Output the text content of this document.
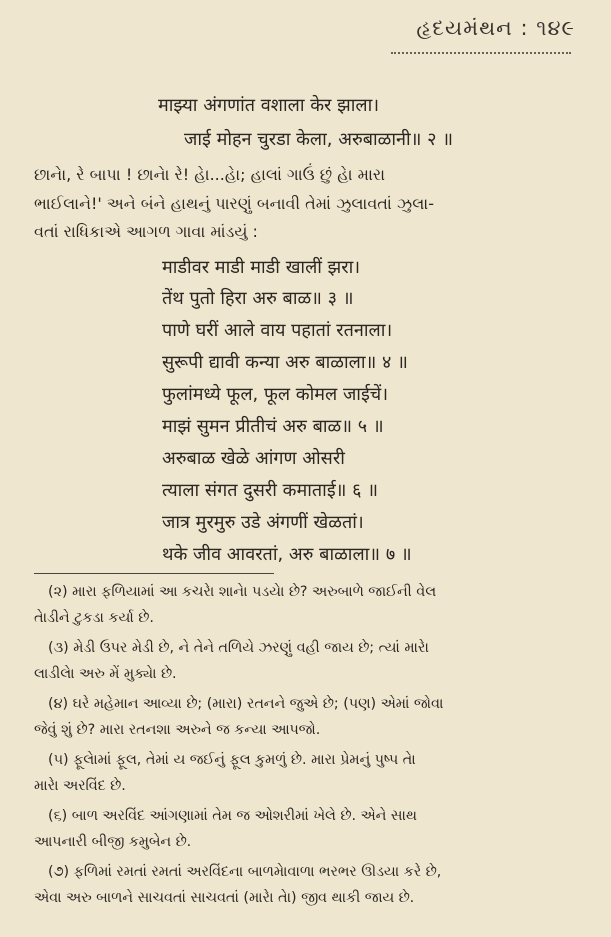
હૃદયમંથન : ૧૪૯
माझ्या अंगणांत वशाला केर झाला।
जाई मोहन चुरडा केला, अरुबाळानी॥ २ ॥
છાનેા, રે બાપા ! છાનેા રે! હાે...હાે; હાલાં ગાઉં છું હાે મારા
ભાઈલાને!' અને બંને હાથનું પારણું બનાવી તેમાં ઝુલાવતાં ઝુલા-
વતાં રાધિકાએ આગળ ગાવા માંડયું :
माडीवर माडी माडी खालीं झरा।
तेंथ पुतो हिरा अरु बाळ॥ ३ ॥
पाणे घरीं आले वाय पहातां रतनाला।
सुरूपी द्यावी कन्या अरु बाळाला॥ ४ ॥
फुलांमध्ये फूल, फूल कोमल जाईचें।
माझं सुमन प्रीतीचं अरु बाळ॥ ५ ॥
अरुबाळ खेळे आंगण ओसरी
त्याला संगत दुसरी कमाताई॥ ६ ॥
जात्र मुरमुरु उडे अंगणीं खेळतां।
थके जीव आवरतां, अरु बाळाला॥ ७ ॥
(૨) મારા ફળિયામાં આ કચરાે શાનેા પડયેા છે? અરુબાળે જાઈની વેલ
તાેડીને ટુકડા કર્યા છે.
(૩) મેડી ઉપર મેડી છે, ને તેને તળિયે ઝરણું વહી જાય છે; ત્યાં મારાે
લાડીલાે અરુ મેં મુક્યાે છે.
(૪) ઘરે મહેમાન આવ્યા છે; (મારા) રતનને જુએ છે; (પણ) એમાં જોવા
જેવું શું છે? મારા રતનશા અરુને જ કન્યા આપજો.
(૫) ફૂલાેમાં ફૂલ, તેમાં ય જઈનું ફૂલ કુમળું છે. મારા પ્રેમનું પુષ્પ તાે
મારાે અરવિંદ છે.
(૬) બાળ અરવિંદ આંગણામાં તેમ જ ઓશરીમાં ખેલે છે. એને સાથ
આપનારી બીજી કમુબેન છે.
(૭) ફળિમાં રમતાં રમતાં અરવિંદના બાળમેાવાળા ભરભર ઊડયા કરે છે,
એવા અરુ બાળને સાચવતાં સાચવતાં (મારાે તાે) જીવ થાકી જાય છે.
